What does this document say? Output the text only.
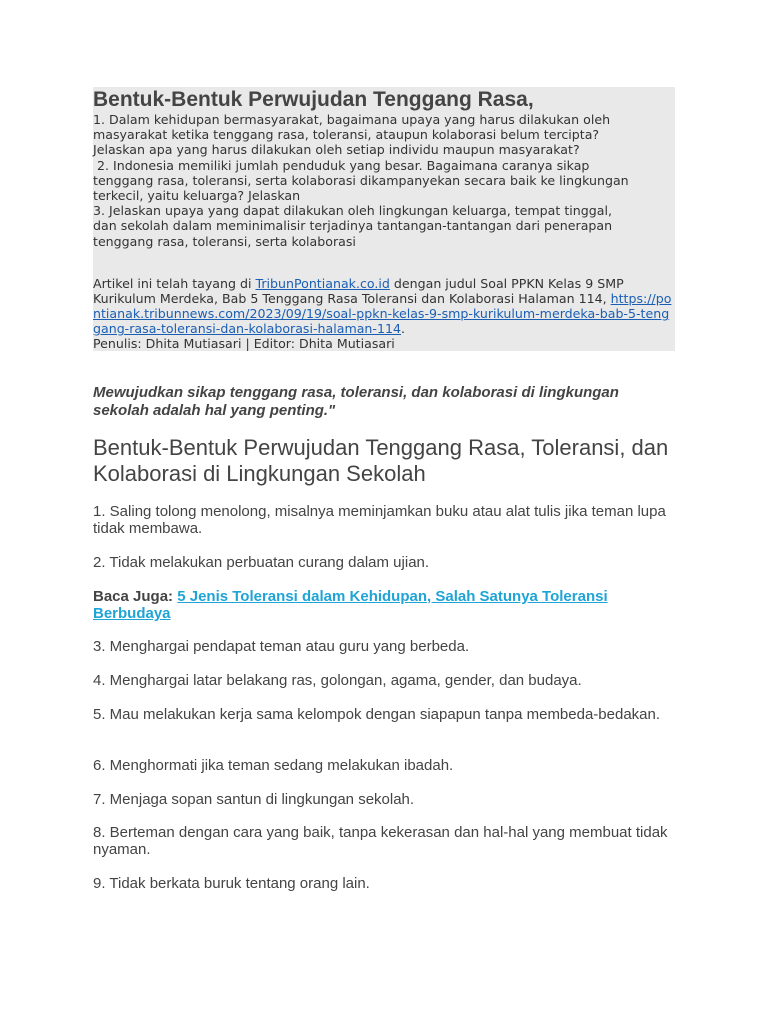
Bentuk-Bentuk Perwujudan Tenggang Rasa,
1. Dalam kehidupan bermasyarakat, bagaimana upaya yang harus dilakukan oleh
masyarakat ketika tenggang rasa, toleransi, ataupun kolaborasi belum tercipta?
Jelaskan apa yang harus dilakukan oleh setiap individu maupun masyarakat?
2. Indonesia memiliki jumlah penduduk yang besar. Bagaimana caranya sikap
tenggang rasa, toleransi, serta kolaborasi dikampanyekan secara baik ke lingkungan
terkecil, yaitu keluarga? Jelaskan
3. Jelaskan upaya yang dapat dilakukan oleh lingkungan keluarga, tempat tinggal,
dan sekolah dalam meminimalisir terjadinya tantangan-tantangan dari penerapan
tenggang rasa, toleransi, serta kolaborasi

Artikel ini telah tayang di TribunPontianak.co.id dengan judul Soal PPKN Kelas 9 SMP Kurikulum Merdeka, Bab 5 Tenggang Rasa Toleransi dan Kolaborasi Halaman 114, https://pontianak.tribunnews.com/2023/09/19/soal-ppkn-kelas-9-smp-kurikulum-merdeka-bab-5-tenggang-rasa-toleransi-dan-kolaborasi-halaman-114.
Penulis: Dhita Mutiasari | Editor: Dhita Mutiasari

Mewujudkan sikap tenggang rasa, toleransi, dan kolaborasi di lingkungan sekolah adalah hal yang penting."

Bentuk-Bentuk Perwujudan Tenggang Rasa, Toleransi, dan Kolaborasi di Lingkungan Sekolah

1. Saling tolong menolong, misalnya meminjamkan buku atau alat tulis jika teman lupa tidak membawa.

2. Tidak melakukan perbuatan curang dalam ujian.

Baca Juga: 5 Jenis Toleransi dalam Kehidupan, Salah Satunya Toleransi Berbudaya

3. Menghargai pendapat teman atau guru yang berbeda.

4. Menghargai latar belakang ras, golongan, agama, gender, dan budaya.

5. Mau melakukan kerja sama kelompok dengan siapapun tanpa membeda-bedakan.

6. Menghormati jika teman sedang melakukan ibadah.

7. Menjaga sopan santun di lingkungan sekolah.

8. Berteman dengan cara yang baik, tanpa kekerasan dan hal-hal yang membuat tidak nyaman.

9. Tidak berkata buruk tentang orang lain.
